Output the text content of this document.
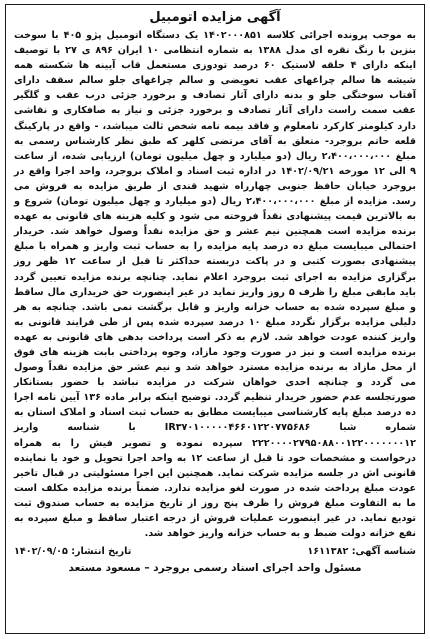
آگهی مزایده اتومبیل

به موجب پرونده اجرائی کلاسه ۱۴۰۲۰۰۰۸۵۱ یک دستگاه اتومبیل پژو ۴۰۵ با سوخت بنزین با رنگ نقره ای مدل ۱۳۸۸ به شماره انتظامی ۱۰ ایران ۸۹۶ ی ۲۷ با توصیف اینکه دارای ۴ حلقه لاستیک ۶۰ درصد تودوزی مستعمل قاب آیینه ها شکسته همه شیشه ها سالم چراغهای عقب تعویضی و سالم چراغهای جلو سالم سقف دارای آفتاب سوختگی جلو و بدنه دارای آثار تصادف و برخورد جزئی درب عقب و گلگیر عقب سمت راست دارای آثار تصادف و برخورد جزئی و نیاز به صافکاری و نقاشی دارد کیلومتر کارکرد نامعلوم و فاقد بیمه نامه شخص ثالث میباشد، - واقع در پارکینگ قلعه حاتم بروجرد- متعلق به آقای مرتضی کلهر که طبق نظر کارشناس رسمی به مبلغ ۲،۴۰۰،۰۰۰،۰۰۰ ریال (دو میلیارد و چهل میلیون تومان) ارزیابی شده، از ساعت ۹ الی ۱۲ مورخه ۱۴۰۲/۰۹/۲۱ در اداره ثبت اسناد و املاک بروجرد، واحد اجرا واقع در بروجرد خیابان حافظ جنوبی چهارراه شهید قندی از طریق مزایده به فروش می رسد. مزایده از مبلغ ۲،۴۰۰،۰۰۰،۰۰۰ ریال (دو میلیارد و چهل میلیون تومان) شروع و به بالاترین قیمت پیشنهادی نقداً فروخته می شود و کلیه هزینه های قانونی به عهده برنده مزایده است همچنین نیم عشر و حق مزایده نقداً وصول خواهد شد. خریدار احتمالی میبایست مبلغ ده درصد پایه مزایده را به حساب ثبت واریز و همراه با مبلغ پیشنهادی بصورت کتبی و در پاکت دربسته حداکثر تا قبل از ساعت ۱۲ ظهر روز برگزاری مزایده به اجرای ثبت بروجرد اعلام نماید. چنانچه برنده مزایده تعیین گردد باید مابقی مبلغ را ظرف ۵ روز واریز نماید در غیر اینصورت حق خریداری مال ساقط و مبلغ سپرده شده به حساب خزانه واریز و قابل برگشت نمی باشد. چنانچه به هر دلیلی مزایده برگزار نگردد مبلغ ۱۰ درصد سپرده شده پس از طی فرایند قانونی به واریز کننده عودت خواهد شد. لازم به ذکر است پرداخت بدهی های قانونی به عهده برنده مزایده است و نیز در صورت وجود مازاد، وجوه پرداختی بابت هزینه های فوق از محل مازاد به برنده مزایده مسترد خواهد شد و نیم عشر حق مزایده نقداً وصول می گردد و چنانچه احدی خواهان شرکت در مزایده نباشد با حضور بستانکار صورتجلسه عدم حضور خریدار تنظیم گردد. توضیح اینکه برابر ماده ۱۳۶ آیین نامه اجرا ده درصد مبلغ پایه کارشناسی میبایست مطابق به حساب ثبت اسناد و املاک استان به شماره شبا IR۳۷۰۱۰۰۰۰۰۴۶۶۰۱۲۲۰۷۷۵۶۸۶ با شناسه واریز ۲۲۲۰۰۰۰۲۷۹۵۰۸۸۰۰۱۲۲۰۰۰۰۰۰۰۱۲ سپرده نموده و تصویر فیش را به همراه درخواست و مشخصات خود تا قبل از ساعت ۱۲ به واحد اجرا تحویل و خود یا نماینده قانونی اش در جلسه مزایده شرکت نماید. همچنین این اجرا مسئولیتی در قبال تاخیر عودت مبلغ پرداخت شده در صورت لغو مزایده ندارد. ضمناً برنده مزایده مکلف است ما به التفاوت مبلغ فروش را ظرف پنج روز از تاریخ مزایده به حساب صندوق ثبت تودیع نماید. در غیر اینصورت عملیات فروش از درجه اعتبار ساقط و مبلغ سپرده به نفع خزانه دولت ضبط و به حساب خزانه واریز خواهد شد.

شناسه آگهی: ۱۶۱۱۳۸۲
تاریخ انتشار: ۱۴۰۲/۰۹/۰۵
مسئول واحد اجرای اسناد رسمی بروجرد – مسعود مستعد
